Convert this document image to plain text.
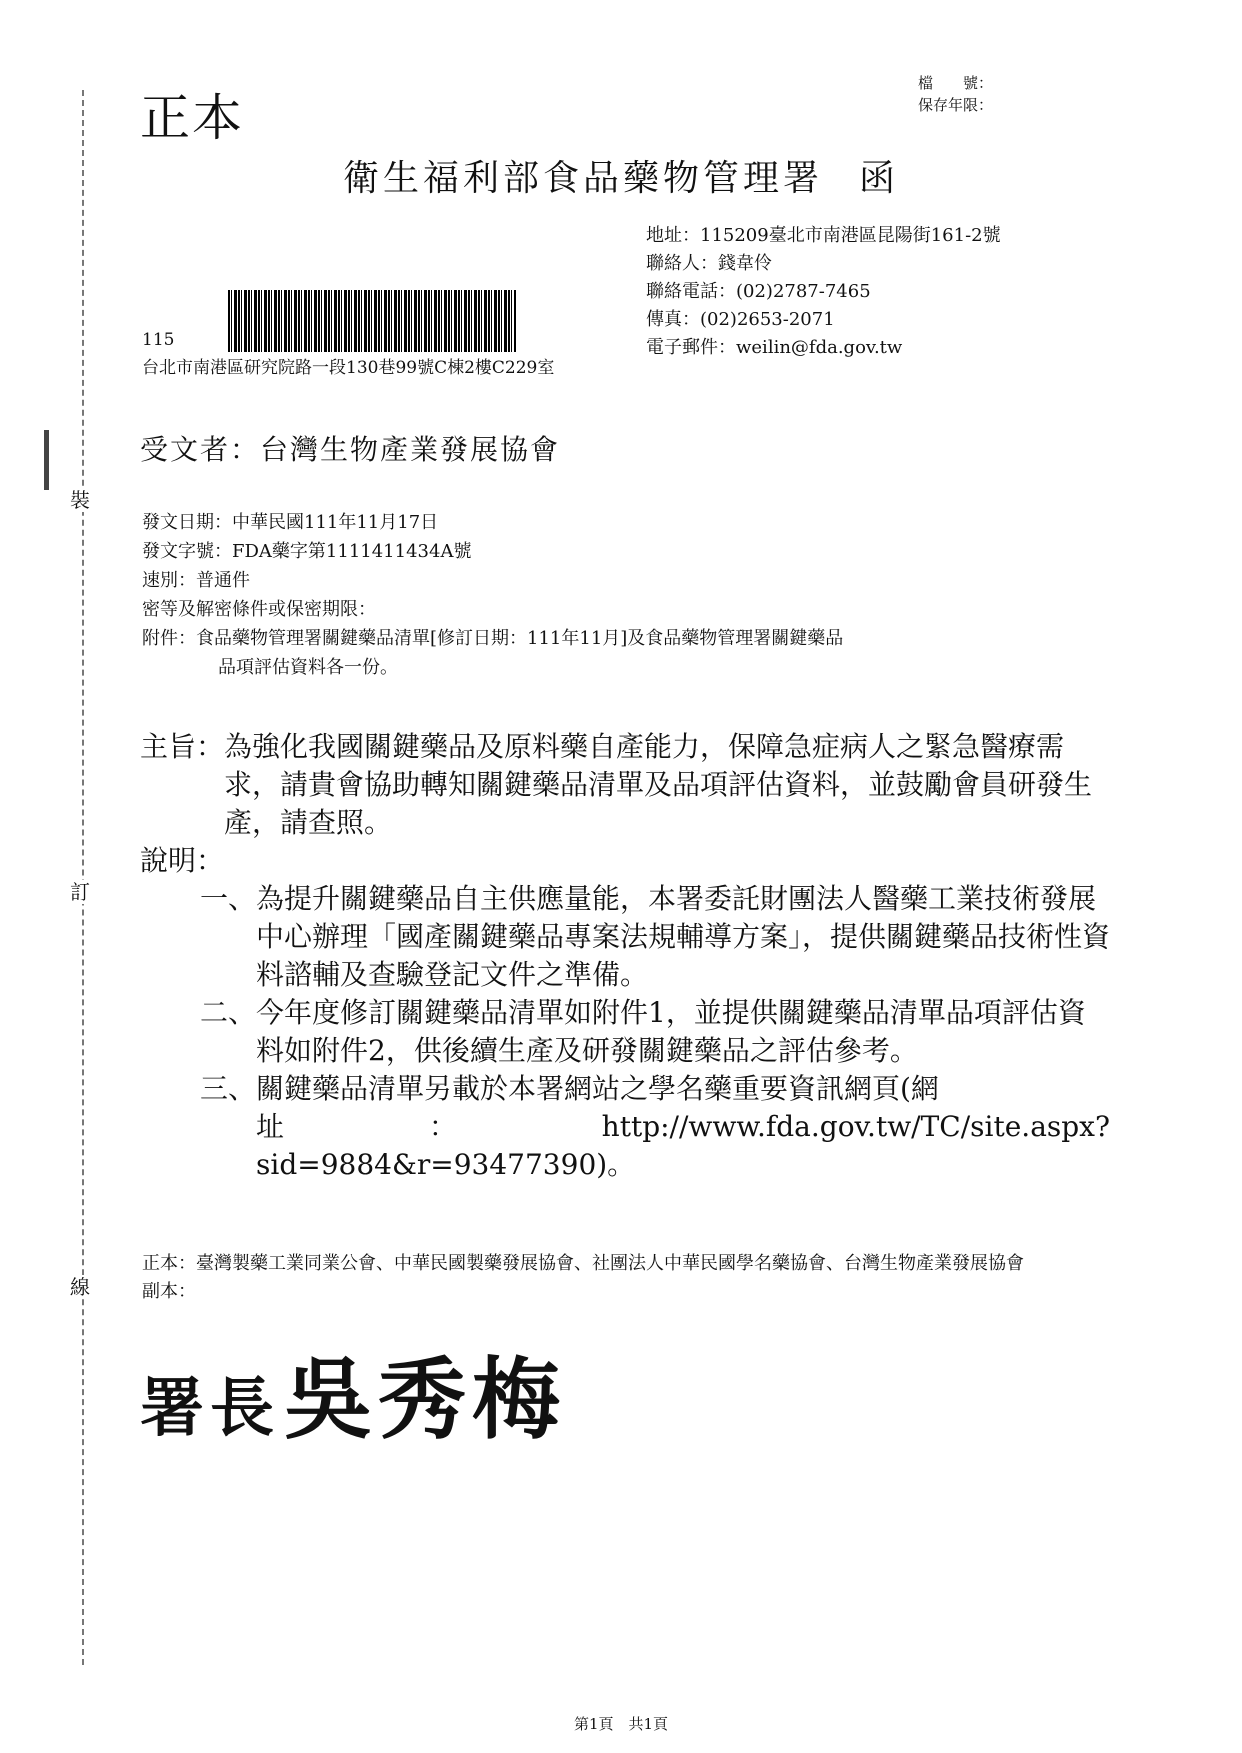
裝
訂
線
正本
檔　　號：
保存年限：
衛生福利部食品藥物管理署 函
地址：115209臺北市南港區昆陽街161-2號
聯絡人：錢韋伶
聯絡電話：(02)2787-7465
傳真：(02)2653-2071
電子郵件：weilin@fda.gov.tw
115
台北市南港區研究院路一段130巷99號C棟2樓C229室
受文者：台灣生物產業發展協會
發文日期：中華民國111年11月17日
發文字號：FDA藥字第1111411434A號
速別：普通件
密等及解密條件或保密期限：
附件：食品藥物管理署關鍵藥品清單[修訂日期：111年11月]及食品藥物管理署關鍵藥品
品項評估資料各一份。
主旨： 為強化我國關鍵藥品及原料藥自產能力，保障急症病人之緊急醫療需求，請貴會協助轉知關鍵藥品清單及品項評估資料，並鼓勵會員研發生產，請查照。
說明：
一、 為提升關鍵藥品自主供應量能，本署委託財團法人醫藥工業技術發展中心辦理「國產關鍵藥品專案法規輔導方案」，提供關鍵藥品技術性資料諮輔及查驗登記文件之準備。
二、 今年度修訂關鍵藥品清單如附件1，並提供關鍵藥品清單品項評估資料如附件2，供後續生產及研發關鍵藥品之評估參考。
三、 關鍵藥品清單另載於本署網站之學名藥重要資訊網頁(網
址	：	http://www.fda.gov.tw/TC/site.aspx?
sid=9884&r=93477390)。
正本： 臺灣製藥工業同業公會、中華民國製藥發展協會、社團法人中華民國學名藥協會、台灣生物產業發展協會
副本：
署長吳秀梅
第1頁　共1頁
